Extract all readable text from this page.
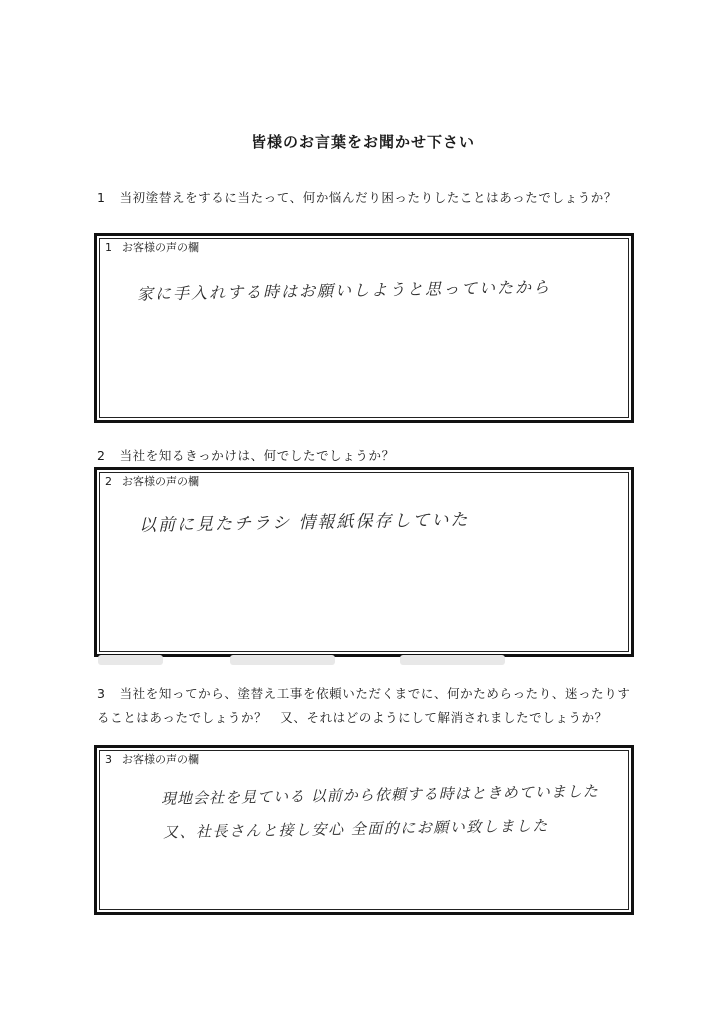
皆様のお言葉をお聞かせ下さい
1 当初塗替えをするに当たって、何か悩んだり困ったりしたことはあったでしょうか？
1 お客様の声の欄
家に手入れする時はお願いしようと思っていたから
2 当社を知るきっかけは、何でしたでしょうか？
2 お客様の声の欄
以前に見たチラシ 情報紙保存していた
3 当社を知ってから、塗替え工事を依頼いただくまでに、何かためらったり、迷ったりすることはあったでしょうか？　又、それはどのようにして解消されましたでしょうか？
3 お客様の声の欄
現地会社を見ている 以前から依頼する時はときめていました
又、社長さんと接し安心 全面的にお願い致しました
